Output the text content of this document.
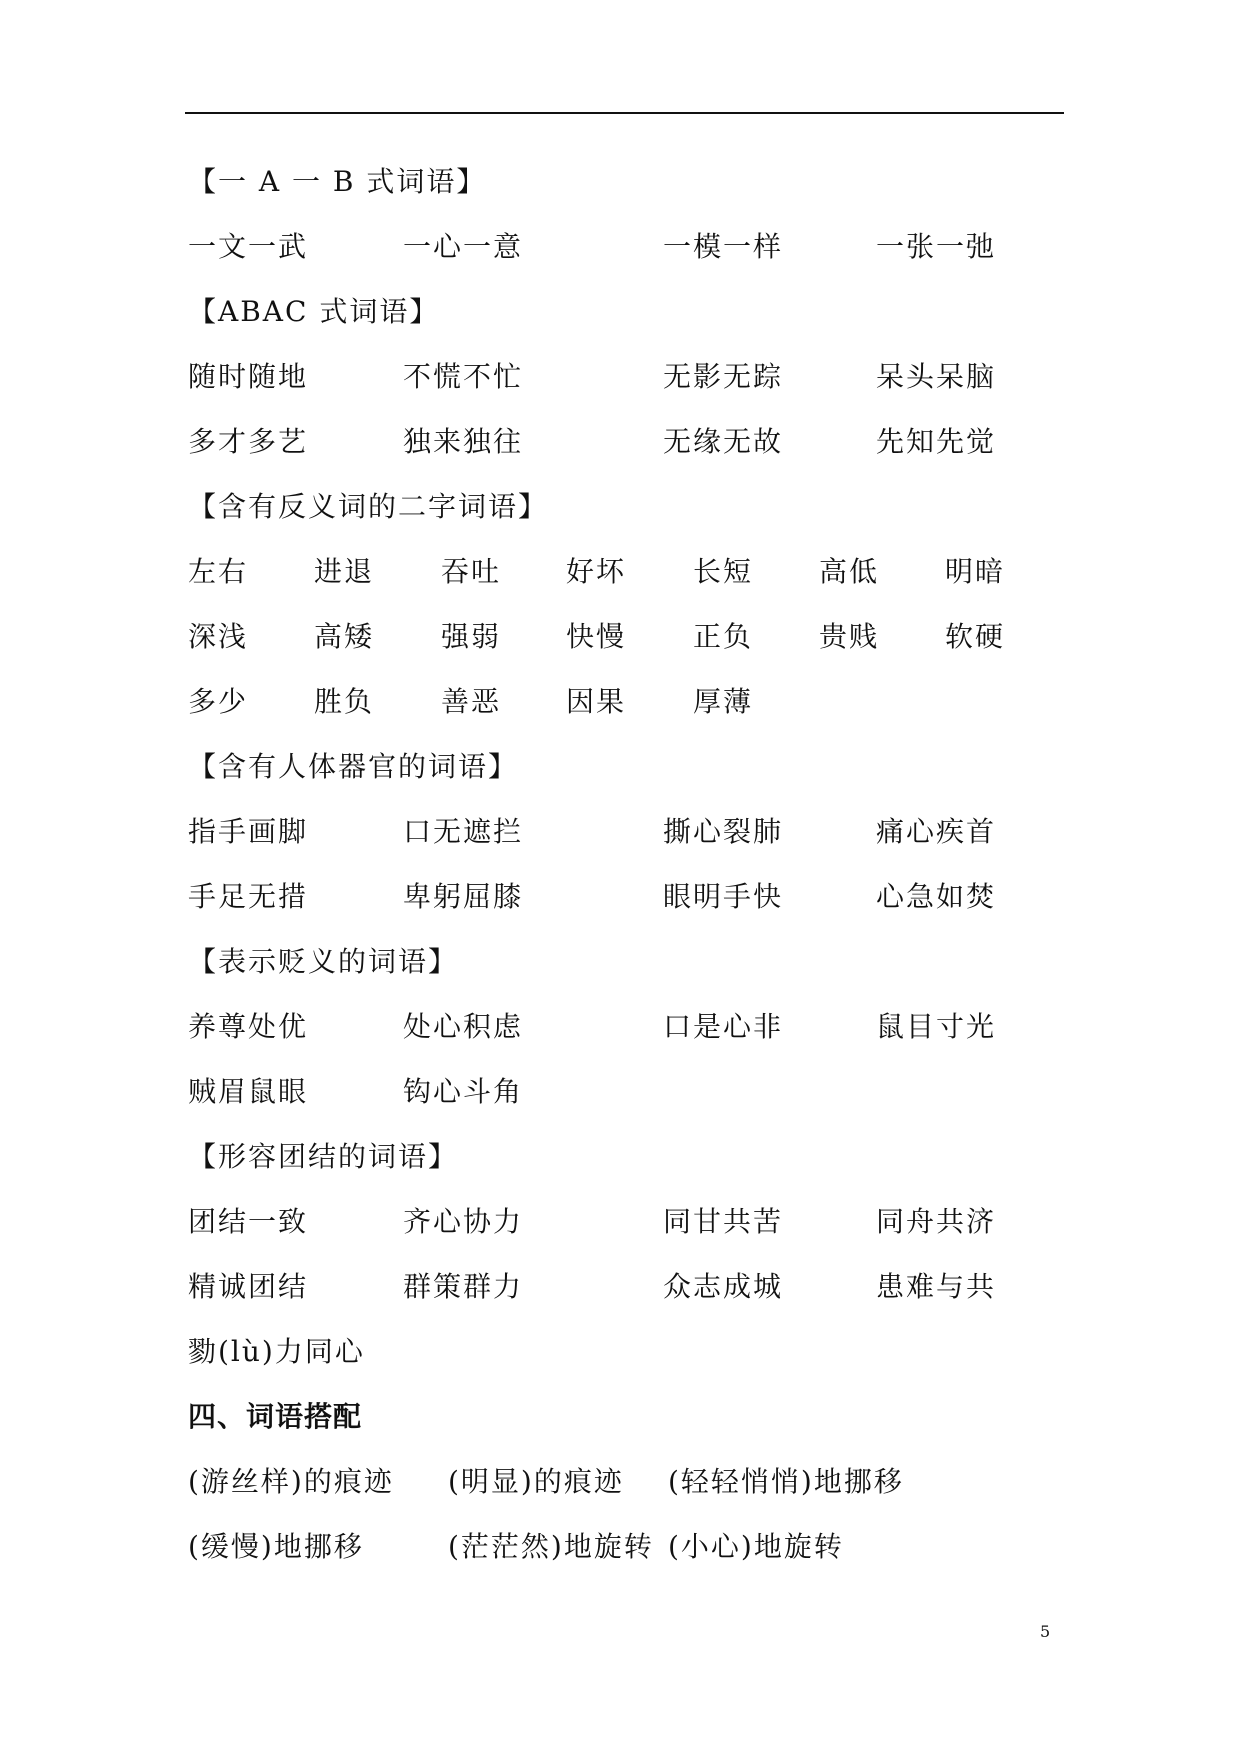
【一 A 一 B 式词语】
一文一武	一心一意	一模一样	一张一弛
【ABAC 式词语】
随时随地	不慌不忙	无影无踪	呆头呆脑
多才多艺	独来独往	无缘无故	先知先觉
【含有反义词的二字词语】
左右 进退 吞吐 好坏 长短 高低 明暗
深浅 高矮 强弱 快慢 正负 贵贱 软硬
多少 胜负 善恶 因果 厚薄
【含有人体器官的词语】
指手画脚	口无遮拦	撕心裂肺	痛心疾首
手足无措	卑躬屈膝	眼明手快	心急如焚
【表示贬义的词语】
养尊处优	处心积虑	口是心非	鼠目寸光
贼眉鼠眼	钩心斗角
【形容团结的词语】
团结一致	齐心协力	同甘共苦	同舟共济
精诚团结	群策群力	众志成城	患难与共
勠(lù)力同心
四、词语搭配
(游丝样)的痕迹 (明显)的痕迹 (轻轻悄悄)地挪移
(缓慢)地挪移	(茫茫然)地旋转 (小心)地旋转
5
